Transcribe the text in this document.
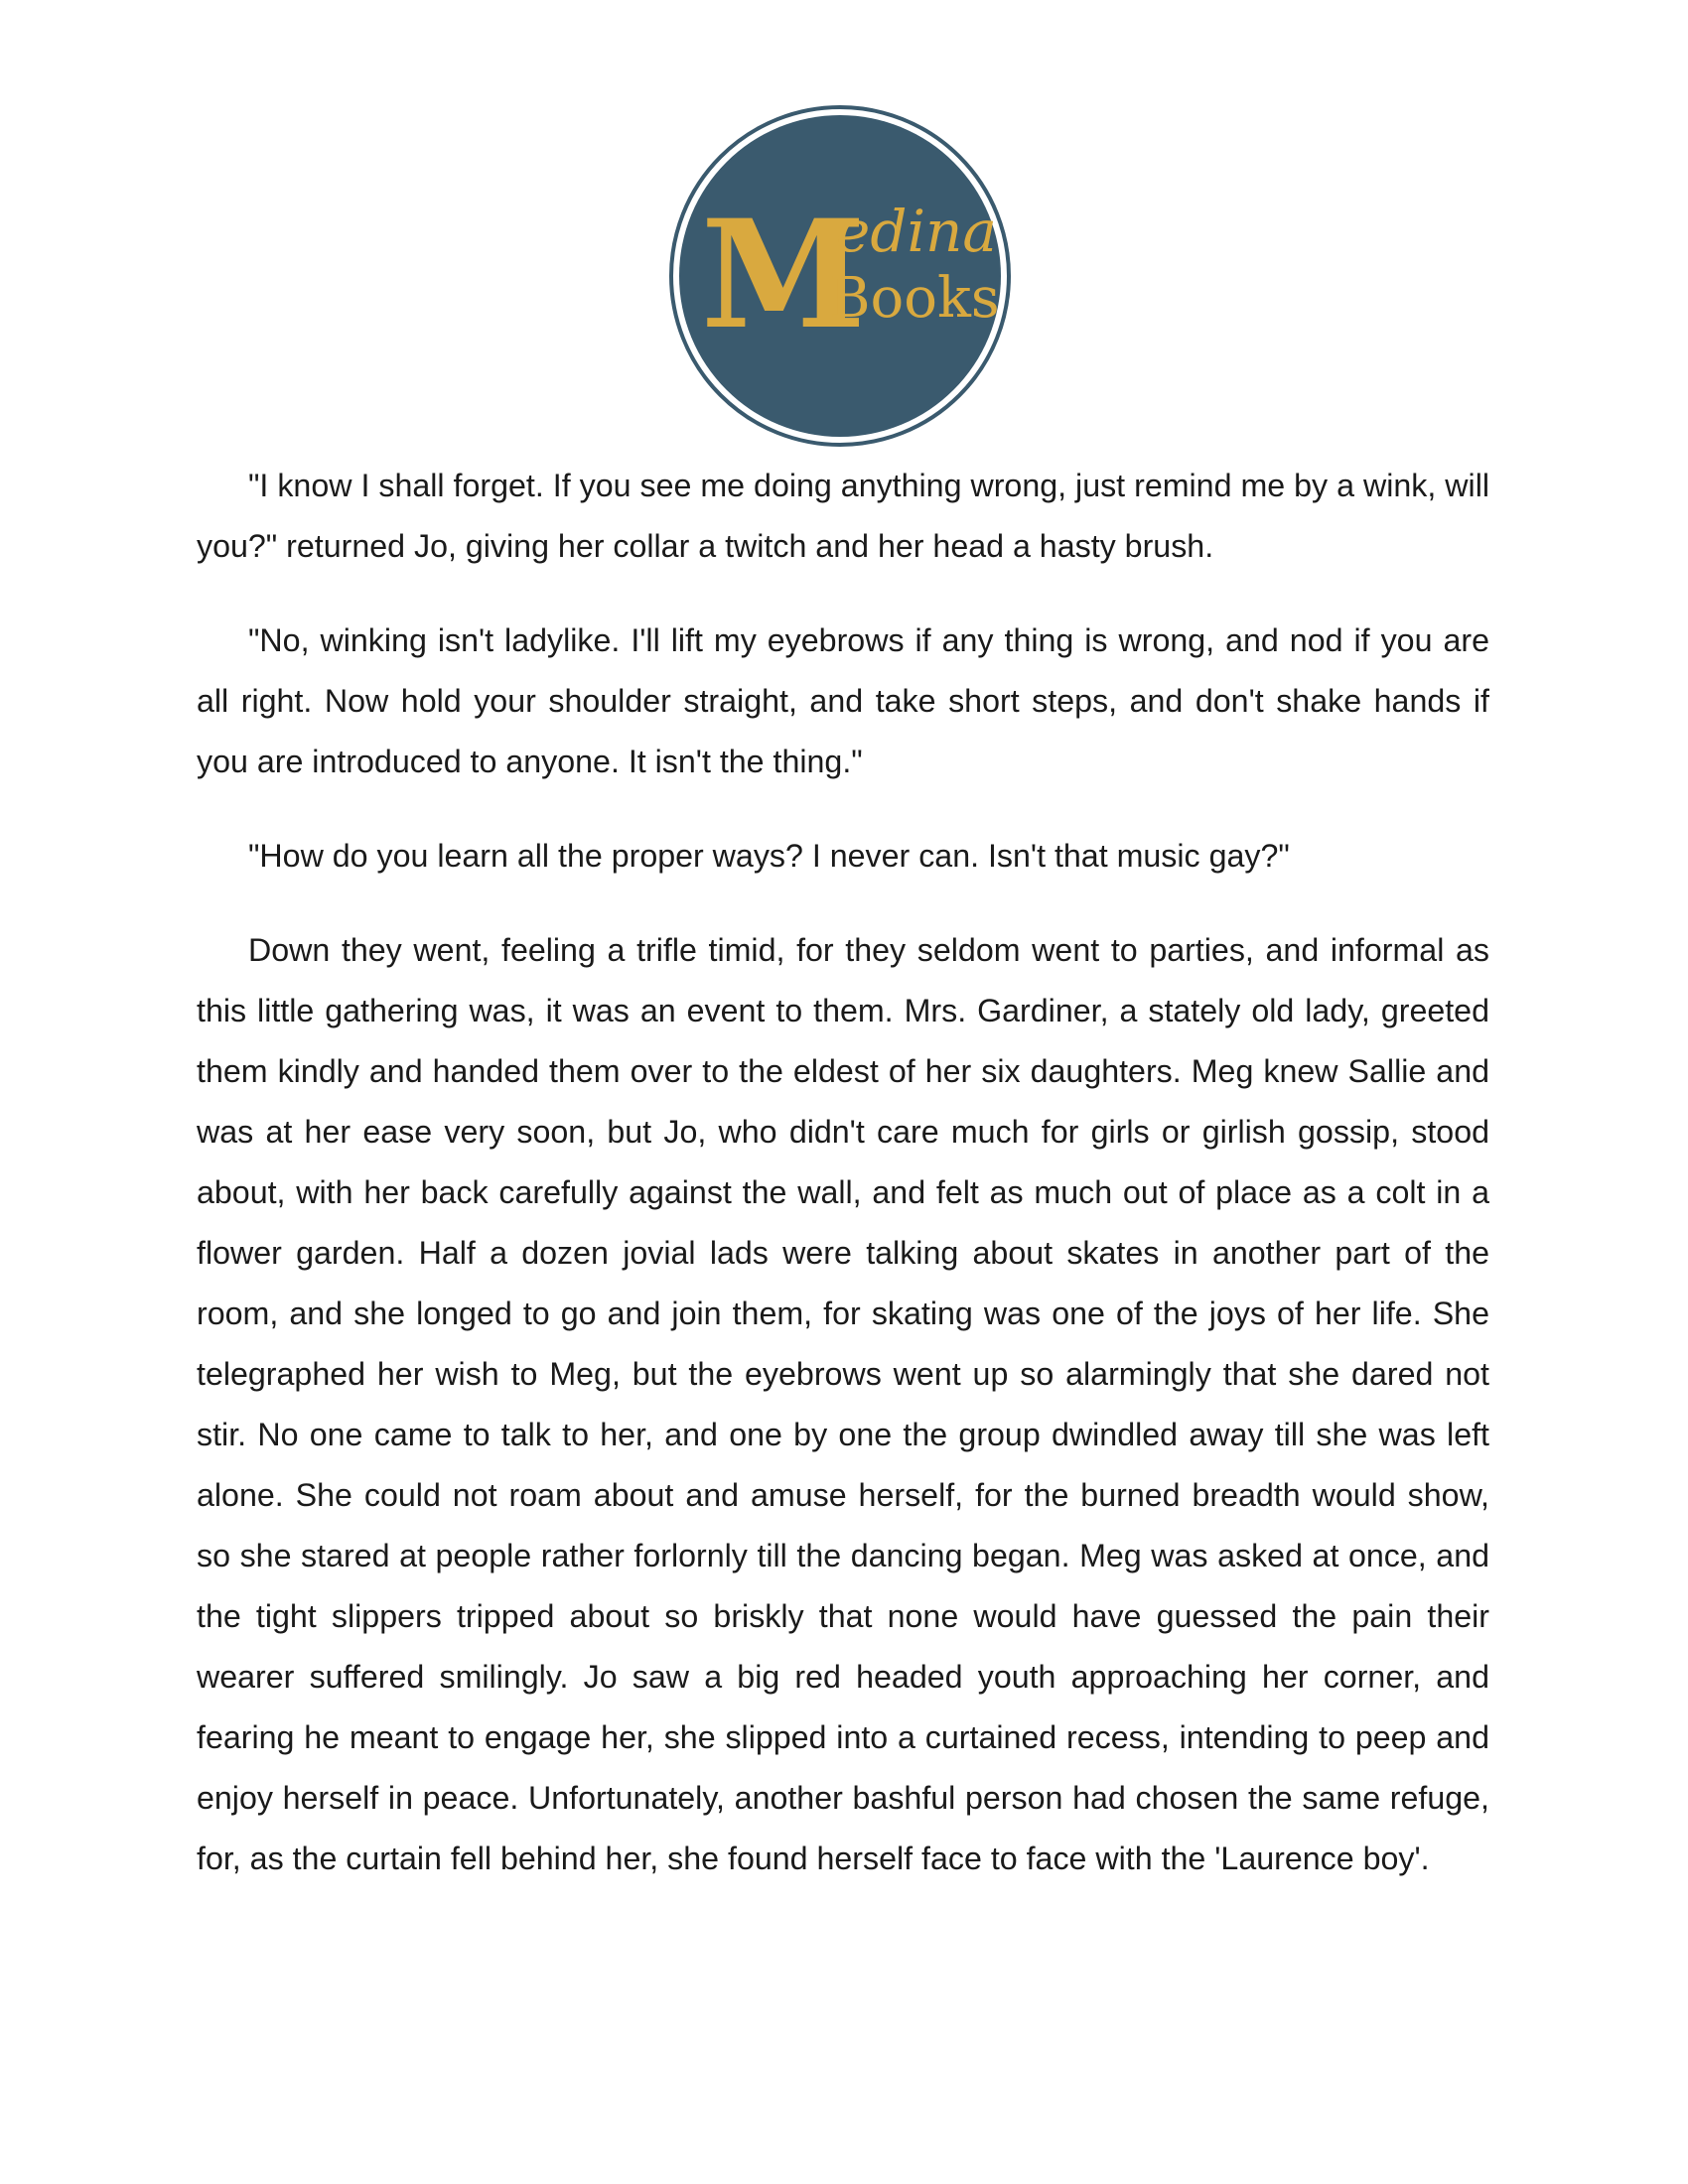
M
edina
Books

"I know I shall forget. If you see me doing anything wrong, just remind me by a wink, will you?" returned Jo, giving her collar a twitch and her head a hasty brush.

"No, winking isn't ladylike. I'll lift my eyebrows if any thing is wrong, and nod if you are all right. Now hold your shoulder straight, and take short steps, and don't shake hands if you are introduced to anyone. It isn't the thing."

"How do you learn all the proper ways? I never can. Isn't that music gay?"

Down they went, feeling a trifle timid, for they seldom went to parties, and informal as this little gathering was, it was an event to them. Mrs. Gardiner, a stately old lady, greeted them kindly and handed them over to the eldest of her six daughters. Meg knew Sallie and was at her ease very soon, but Jo, who didn't care much for girls or girlish gossip, stood about, with her back carefully against the wall, and felt as much out of place as a colt in a flower garden. Half a dozen jovial lads were talking about skates in another part of the room, and she longed to go and join them, for skating was one of the joys of her life. She telegraphed her wish to Meg, but the eyebrows went up so alarmingly that she dared not stir. No one came to talk to her, and one by one the group dwindled away till she was left alone. She could not roam about and amuse herself, for the burned breadth would show, so she stared at people rather forlornly till the dancing began. Meg was asked at once, and the tight slippers tripped about so briskly that none would have guessed the pain their wearer suffered smilingly. Jo saw a big red headed youth approaching her corner, and fearing he meant to engage her, she slipped into a curtained recess, intending to peep and enjoy herself in peace. Unfortunately, another bashful person had chosen the same refuge, for, as the curtain fell behind her, she found herself face to face with the 'Laurence boy'.
